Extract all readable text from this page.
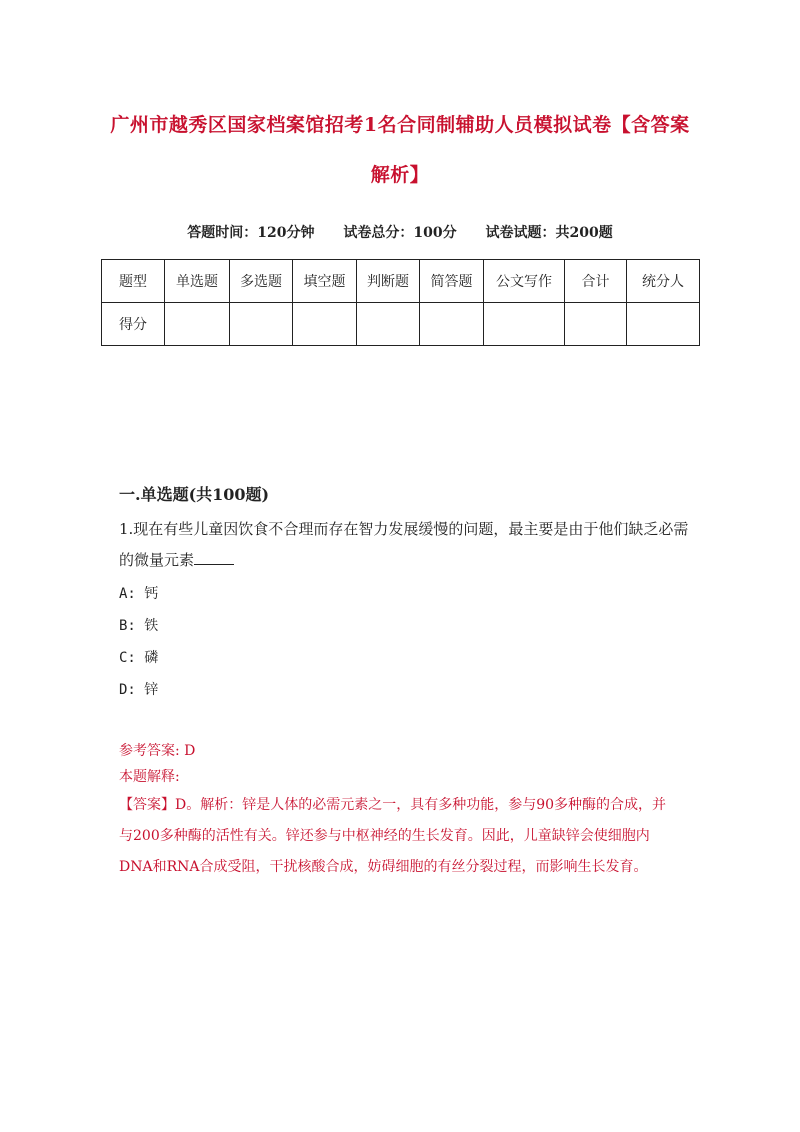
广州市越秀区国家档案馆招考1名合同制辅助人员模拟试卷【含答案解析】
答题时间：120分钟 试卷总分：100分 试卷试题：共200题
题型	单选题	多选题	填空题	判断题	简答题	公文写作	合计	统分人
得分								
一.单选题(共100题)
1.现在有些儿童因饮食不合理而存在智力发展缓慢的问题，最主要是由于他们缺乏必需的微量元素
A: 钙
B: 铁
C: 磷
D: 锌
参考答案: D
本题解释:
【答案】D。解析：锌是人体的必需元素之一，具有多种功能，参与90多种酶的合成，并与200多种酶的活性有关。锌还参与中枢神经的生长发育。因此，儿童缺锌会使细胞内DNA和RNA合成受阻，干扰核酸合成，妨碍细胞的有丝分裂过程，而影响生长发育。
